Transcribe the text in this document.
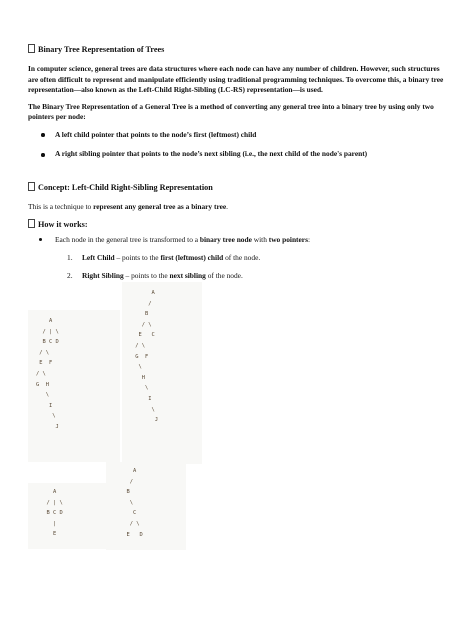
Binary Tree Representation of Trees

In computer science, general trees are data structures where each node can have any number of children. However, such structures are often difficult to represent and manipulate efficiently using traditional programming techniques. To overcome this, a binary tree representation—also known as the Left-Child Right-Sibling (LC-RS) representation—is used.

The Binary Tree Representation of a General Tree is a method of converting any general tree into a binary tree by using only two pointers per node:

A left child pointer that points to the node’s first (leftmost) child
A right sibling pointer that points to the node’s next sibling (i.e., the next child of the node's parent)
Concept: Left-Child Right-Sibling Representation

This is a technique to represent any general tree as a binary tree.

How it works:
Each node in the general tree is transformed to a binary tree node with two pointers:
1. Left Child – points to the first (leftmost) child of the node.
2. Right Sibling – points to the next sibling of the node.
A
/ | \
B C D
/ \
E  F
/ \
G  H
\
I
\
J
A
/
B
/ \
E   C
/ \
G  F
\
H
\
I
\
J
A
/ | \
B C D
|
E
A
/
B
\
C
/ \
E   D
